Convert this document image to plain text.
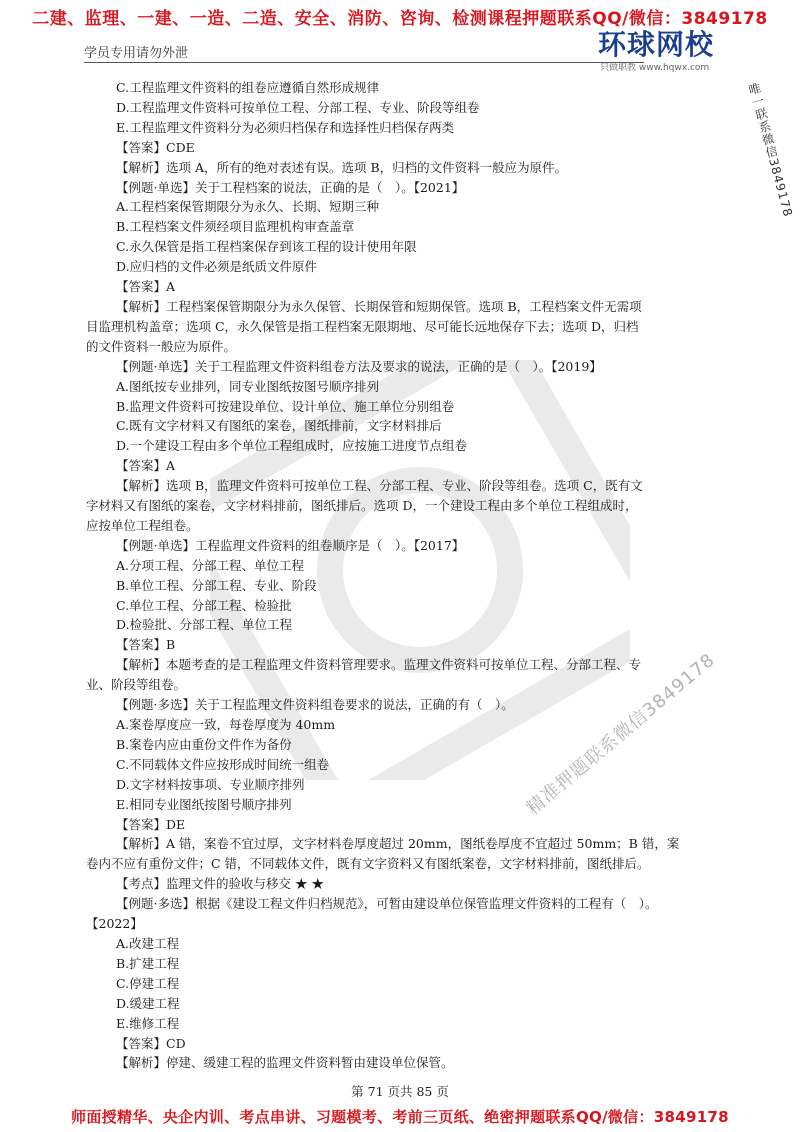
二建、监理、一建、一造、二造、安全、消防、咨询、检测课程押题联系QQ/微信：3849178
学员专用请勿外泄	环球网校
只做职教 www.hqwx.com
唯一联系微信3849178
精准押题联系微信3849178
C.工程监理文件资料的组卷应遵循自然形成规律
D.工程监理文件资料可按单位工程、分部工程、专业、阶段等组卷
E.工程监理文件资料分为必须归档保存和选择性归档保存两类
【答案】CDE
【解析】选项 A，所有的绝对表述有误。选项 B，归档的文件资料一般应为原件。
【例题·单选】关于工程档案的说法，正确的是（　）。【2021】
A.工程档案保管期限分为永久、长期、短期三种
B.工程档案文件须经项目监理机构审查盖章
C.永久保管是指工程档案保存到该工程的设计使用年限
D.应归档的文件必须是纸质文件原件
【答案】A
【解析】工程档案保管期限分为永久保管、长期保管和短期保管。选项 B，工程档案文件无需项
目监理机构盖章；选项 C，永久保管是指工程档案无限期地、尽可能长远地保存下去；选项 D，归档
的文件资料一般应为原件。
【例题·单选】关于工程监理文件资料组卷方法及要求的说法，正确的是（　）。【2019】
A.图纸按专业排列，同专业图纸按图号顺序排列
B.监理文件资料可按建设单位、设计单位、施工单位分别组卷
C.既有文字材料又有图纸的案卷，图纸排前，文字材料排后
D.一个建设工程由多个单位工程组成时，应按施工进度节点组卷
【答案】A
【解析】选项 B，监理文件资料可按单位工程、分部工程、专业、阶段等组卷。选项 C，既有文
字材料又有图纸的案卷，文字材料排前，图纸排后。选项 D，一个建设工程由多个单位工程组成时，
应按单位工程组卷。
【例题·单选】工程监理文件资料的组卷顺序是（　）。【2017】
A.分项工程、分部工程、单位工程
B.单位工程、分部工程、专业、阶段
C.单位工程、分部工程、检验批
D.检验批、分部工程、单位工程
【答案】B
【解析】本题考查的是工程监理文件资料管理要求。监理文件资料可按单位工程、分部工程、专
业、阶段等组卷。
【例题·多选】关于工程监理文件资料组卷要求的说法，正确的有（　）。
A.案卷厚度应一致，每卷厚度为 40mm
B.案卷内应由重份文件作为备份
C.不同载体文件应按形成时间统一组卷
D.文字材料按事项、专业顺序排列
E.相同专业图纸按图号顺序排列
【答案】DE
【解析】A 错，案卷不宜过厚，文字材料卷厚度超过 20mm，图纸卷厚度不宜超过 50mm；B 错，案
卷内不应有重份文件；C 错，不同载体文件，既有文字资料又有图纸案卷，文字材料排前，图纸排后。
【考点】监理文件的验收与移交 ★ ★
【例题·多选】根据《建设工程文件归档规范》，可暂由建设单位保管监理文件资料的工程有（　）。
【2022】
A.改建工程
B.扩建工程
C.停建工程
D.缓建工程
E.维修工程
【答案】CD
【解析】停建、缓建工程的监理文件资料暂由建设单位保管。
第 71 页共 85 页
师面授精华、央企内训、考点串讲、习题模考、考前三页纸、绝密押题联系QQ/微信：3849178
